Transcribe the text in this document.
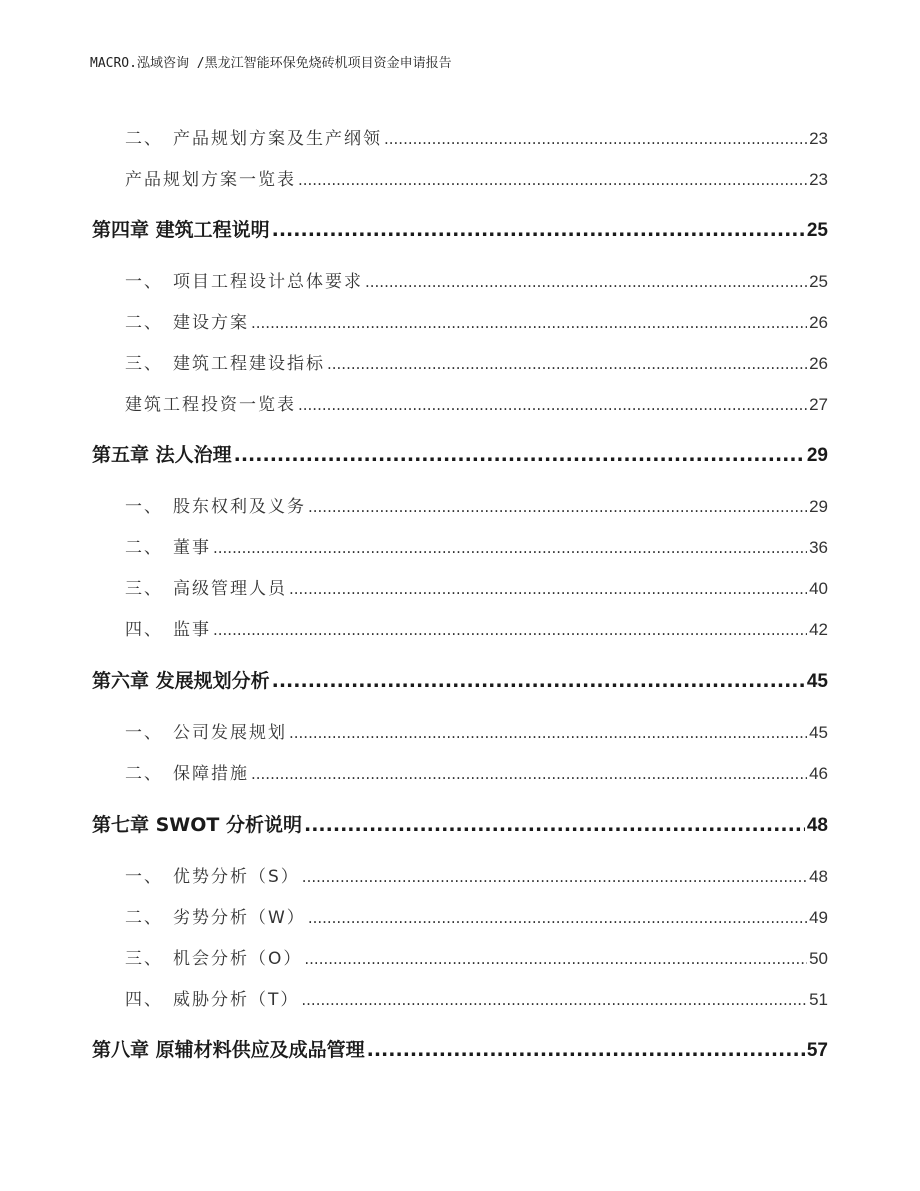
MACRO.泓域咨询 /黑龙江智能环保免烧砖机项目资金申请报告
二、 产品规划方案及生产纲领 .....	23
产品规划方案一览表 .....	23
第四章 建筑工程说明 .....	25
一、 项目工程设计总体要求 .....	25
二、 建设方案 .....	26
三、 建筑工程建设指标 .....	26
建筑工程投资一览表 .....	27
第五章 法人治理 .....	29
一、 股东权利及义务 .....	29
二、 董事 .....	36
三、 高级管理人员 .....	40
四、 监事 .....	42
第六章 发展规划分析 .....	45
一、 公司发展规划 .....	45
二、 保障措施 .....	46
第七章 SWOT 分析说明 .....	48
一、 优势分析（S） .....	48
二、 劣势分析（W） .....	49
三、 机会分析（O） .....	50
四、 威胁分析（T） .....	51
第八章 原辅材料供应及成品管理 .....	57
